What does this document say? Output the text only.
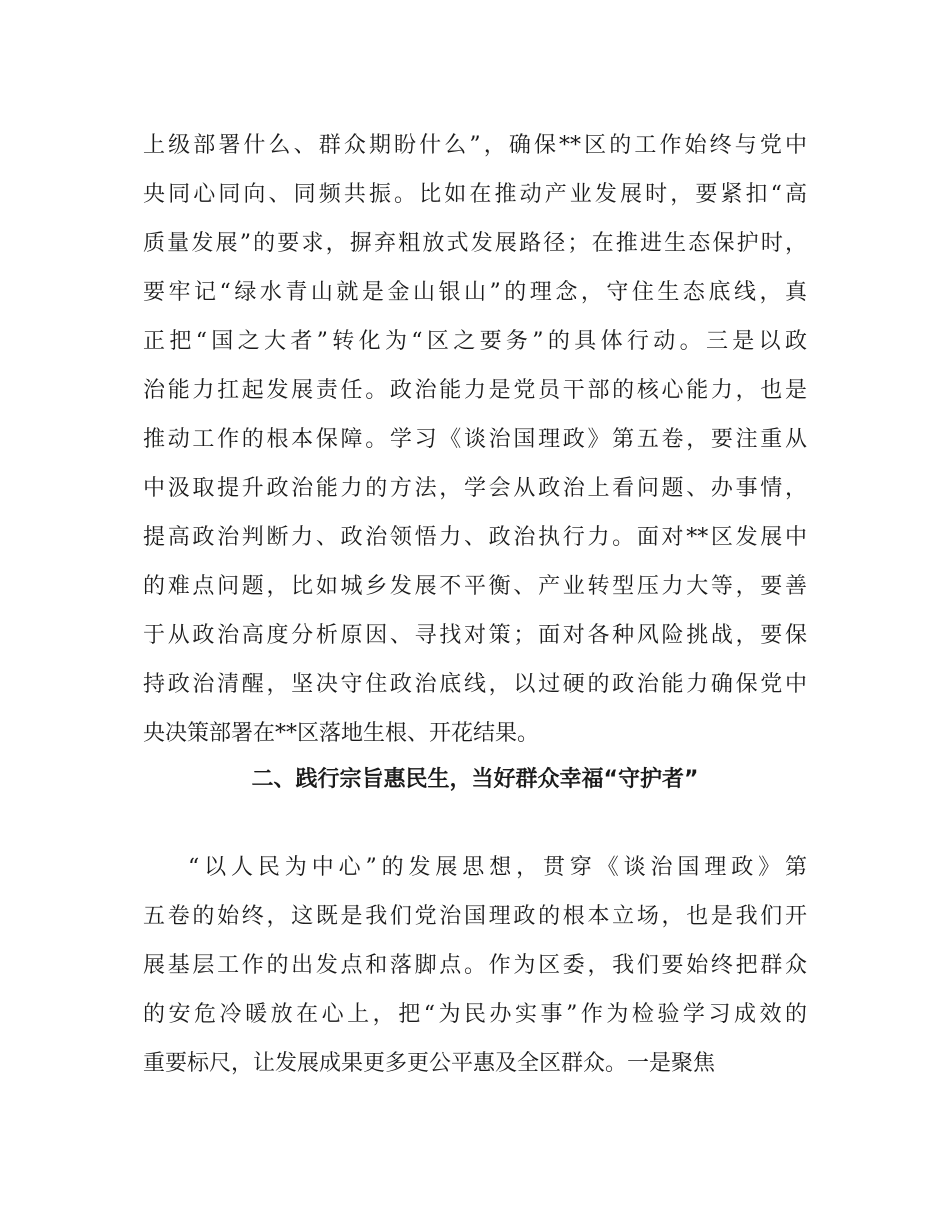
上级部署什么、群众期盼什么”，确保**区的工作始终与党中
央同心同向、同频共振。比如在推动产业发展时，要紧扣“高
质量发展”的要求，摒弃粗放式发展路径；在推进生态保护时，
要牢记“绿水青山就是金山银山”的理念，守住生态底线，真
正把“国之大者”转化为“区之要务”的具体行动。三是以政
治能力扛起发展责任。政治能力是党员干部的核心能力，也是
推动工作的根本保障。学习《谈治国理政》第五卷，要注重从
中汲取提升政治能力的方法，学会从政治上看问题、办事情，
提高政治判断力、政治领悟力、政治执行力。面对**区发展中
的难点问题，比如城乡发展不平衡、产业转型压力大等，要善
于从政治高度分析原因、寻找对策；面对各种风险挑战，要保
持政治清醒，坚决守住政治底线，以过硬的政治能力确保党中
央决策部署在**区落地生根、开花结果。
二、践行宗旨惠民生，当好群众幸福“守护者”
“以人民为中心”的发展思想，贯穿《谈治国理政》第
五卷的始终，这既是我们党治国理政的根本立场，也是我们开
展基层工作的出发点和落脚点。作为区委，我们要始终把群众
的安危冷暖放在心上，把“为民办实事”作为检验学习成效的
重要标尺，让发展成果更多更公平惠及全区群众。一是聚焦
